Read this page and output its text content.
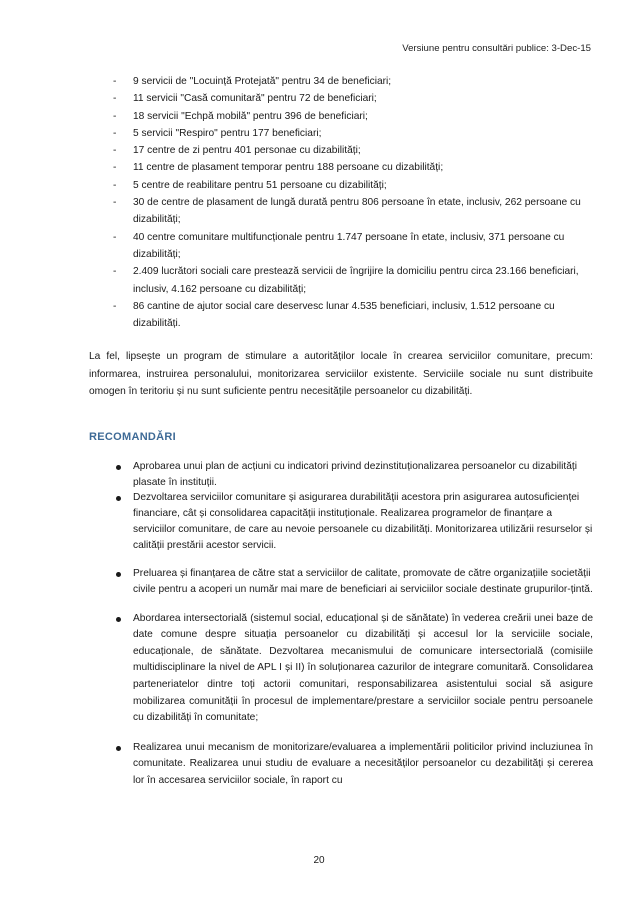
Versiune pentru consultări publice: 3-Dec-15
- 9 servicii de "Locuință Protejată" pentru 34 de beneficiari;
- 11 servicii "Casă comunitară" pentru 72 de beneficiari;
- 18 servicii "Echpă mobilă" pentru 396 de beneficiari;
- 5 servicii "Respiro" pentru 177 beneficiari;
- 17 centre de zi pentru 401 personae cu dizabilități;
- 11 centre de plasament temporar pentru 188 persoane cu dizabilități;
- 5 centre de reabilitare pentru 51 persoane cu dizabilități;
- 30 de centre de plasament de lungă durată pentru 806 persoane în etate, inclusiv, 262 persoane cu dizabilități;
- 40 centre comunitare multifuncționale pentru 1.747 persoane în etate, inclusiv, 371 persoane cu dizabilități;
- 2.409 lucrători sociali care prestează servicii de îngrijire la domiciliu pentru circa 23.166 beneficiari, inclusiv, 4.162 persoane cu dizabilități;
- 86 cantine de ajutor social care deservesc lunar 4.535 beneficiari, inclusiv, 1.512 persoane cu dizabilități.
La fel, lipsește un program de stimulare a autorităților locale în crearea serviciilor comunitare, precum: informarea, instruirea personalului, monitorizarea serviciilor existente. Serviciile sociale nu sunt distribuite omogen în teritoriu și nu sunt suficiente pentru necesitățile persoanelor cu dizabilități.
RECOMANDĂRI
Aprobarea unui plan de acțiuni cu indicatori privind dezinstituționalizarea persoanelor cu dizabilități plasate în instituții.
Dezvoltarea serviciilor comunitare și asigurarea durabilității acestora prin asigurarea autosuficienței financiare, cât și consolidarea capacității instituționale. Realizarea programelor de finanțare a serviciilor comunitare, de care au nevoie persoanele cu dizabilități. Monitorizarea utilizării resurselor și calității prestării acestor servicii.
Preluarea și finanțarea de către stat a serviciilor de calitate, promovate de către organizațiile societății civile pentru a acoperi un număr mai mare de beneficiari ai serviciilor sociale destinate grupurilor-țintă.
Abordarea intersectorială (sistemul social, educațional și de sănătate) în vederea creării unei baze de date comune despre situația persoanelor cu dizabilități și accesul lor la serviciile sociale, educaționale, de sănătate. Dezvoltarea mecanismului de comunicare intersectorială (comisiile multidisciplinare la nivel de APL I și II) în soluționarea cazurilor de integrare comunitară. Consolidarea parteneriatelor dintre toți actorii comunitari, responsabilizarea asistentului social să asigure mobilizarea comunității în procesul de implementare/prestare a serviciilor sociale pentru persoanele cu dizabilități în comunitate;
Realizarea unui mecanism de monitorizare/evaluarea a implementării politicilor privind incluziunea în comunitate. Realizarea unui studiu de evaluare a necesităților persoanelor cu dezabilități și cererea lor în accesarea serviciilor sociale, în raport cu
20
